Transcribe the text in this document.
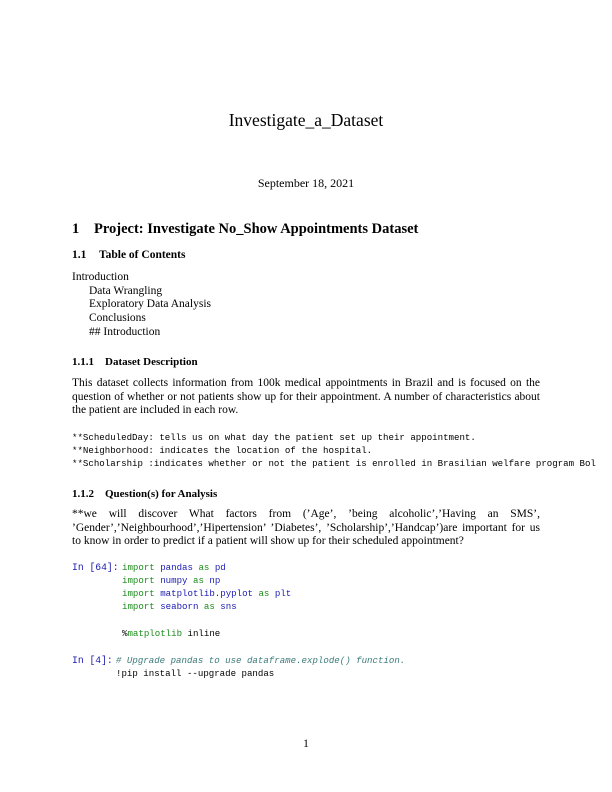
Investigate_a_Dataset
September 18, 2021
1 Project: Investigate No_Show Appointments Dataset
1.1 Table of Contents
Introduction
Data Wrangling
Exploratory Data Analysis
Conclusions
## Introduction
1.1.1 Dataset Description
This dataset collects information from 100k medical appointments in Brazil and is focused on the question of whether or not patients show up for their appointment. A number of characteristics about the patient are included in each row.
**ScheduledDay: tells us on what day the patient set up their appointment.
**Neighborhood: indicates the location of the hospital.
**Scholarship :indicates whether or not the patient is enrolled in Brasilian welfare program Bol
1.1.2 Question(s) for Analysis
**we will discover What factors from (’Age’, ’being alcoholic’,’Having an SMS’, ’Gender’,’Neighbourhood’,’Hipertension’ ’Diabetes’, ’Scholarship’,’Handcap’)are important for us to know in order to predict if a patient will show up for their scheduled appointment?
In [64]: import pandas as pd
import numpy as np
import matplotlib.pyplot as plt
import seaborn as sns
%matplotlib inline
In [4]: # Upgrade pandas to use dataframe.explode() function.
!pip install --upgrade pandas
1
